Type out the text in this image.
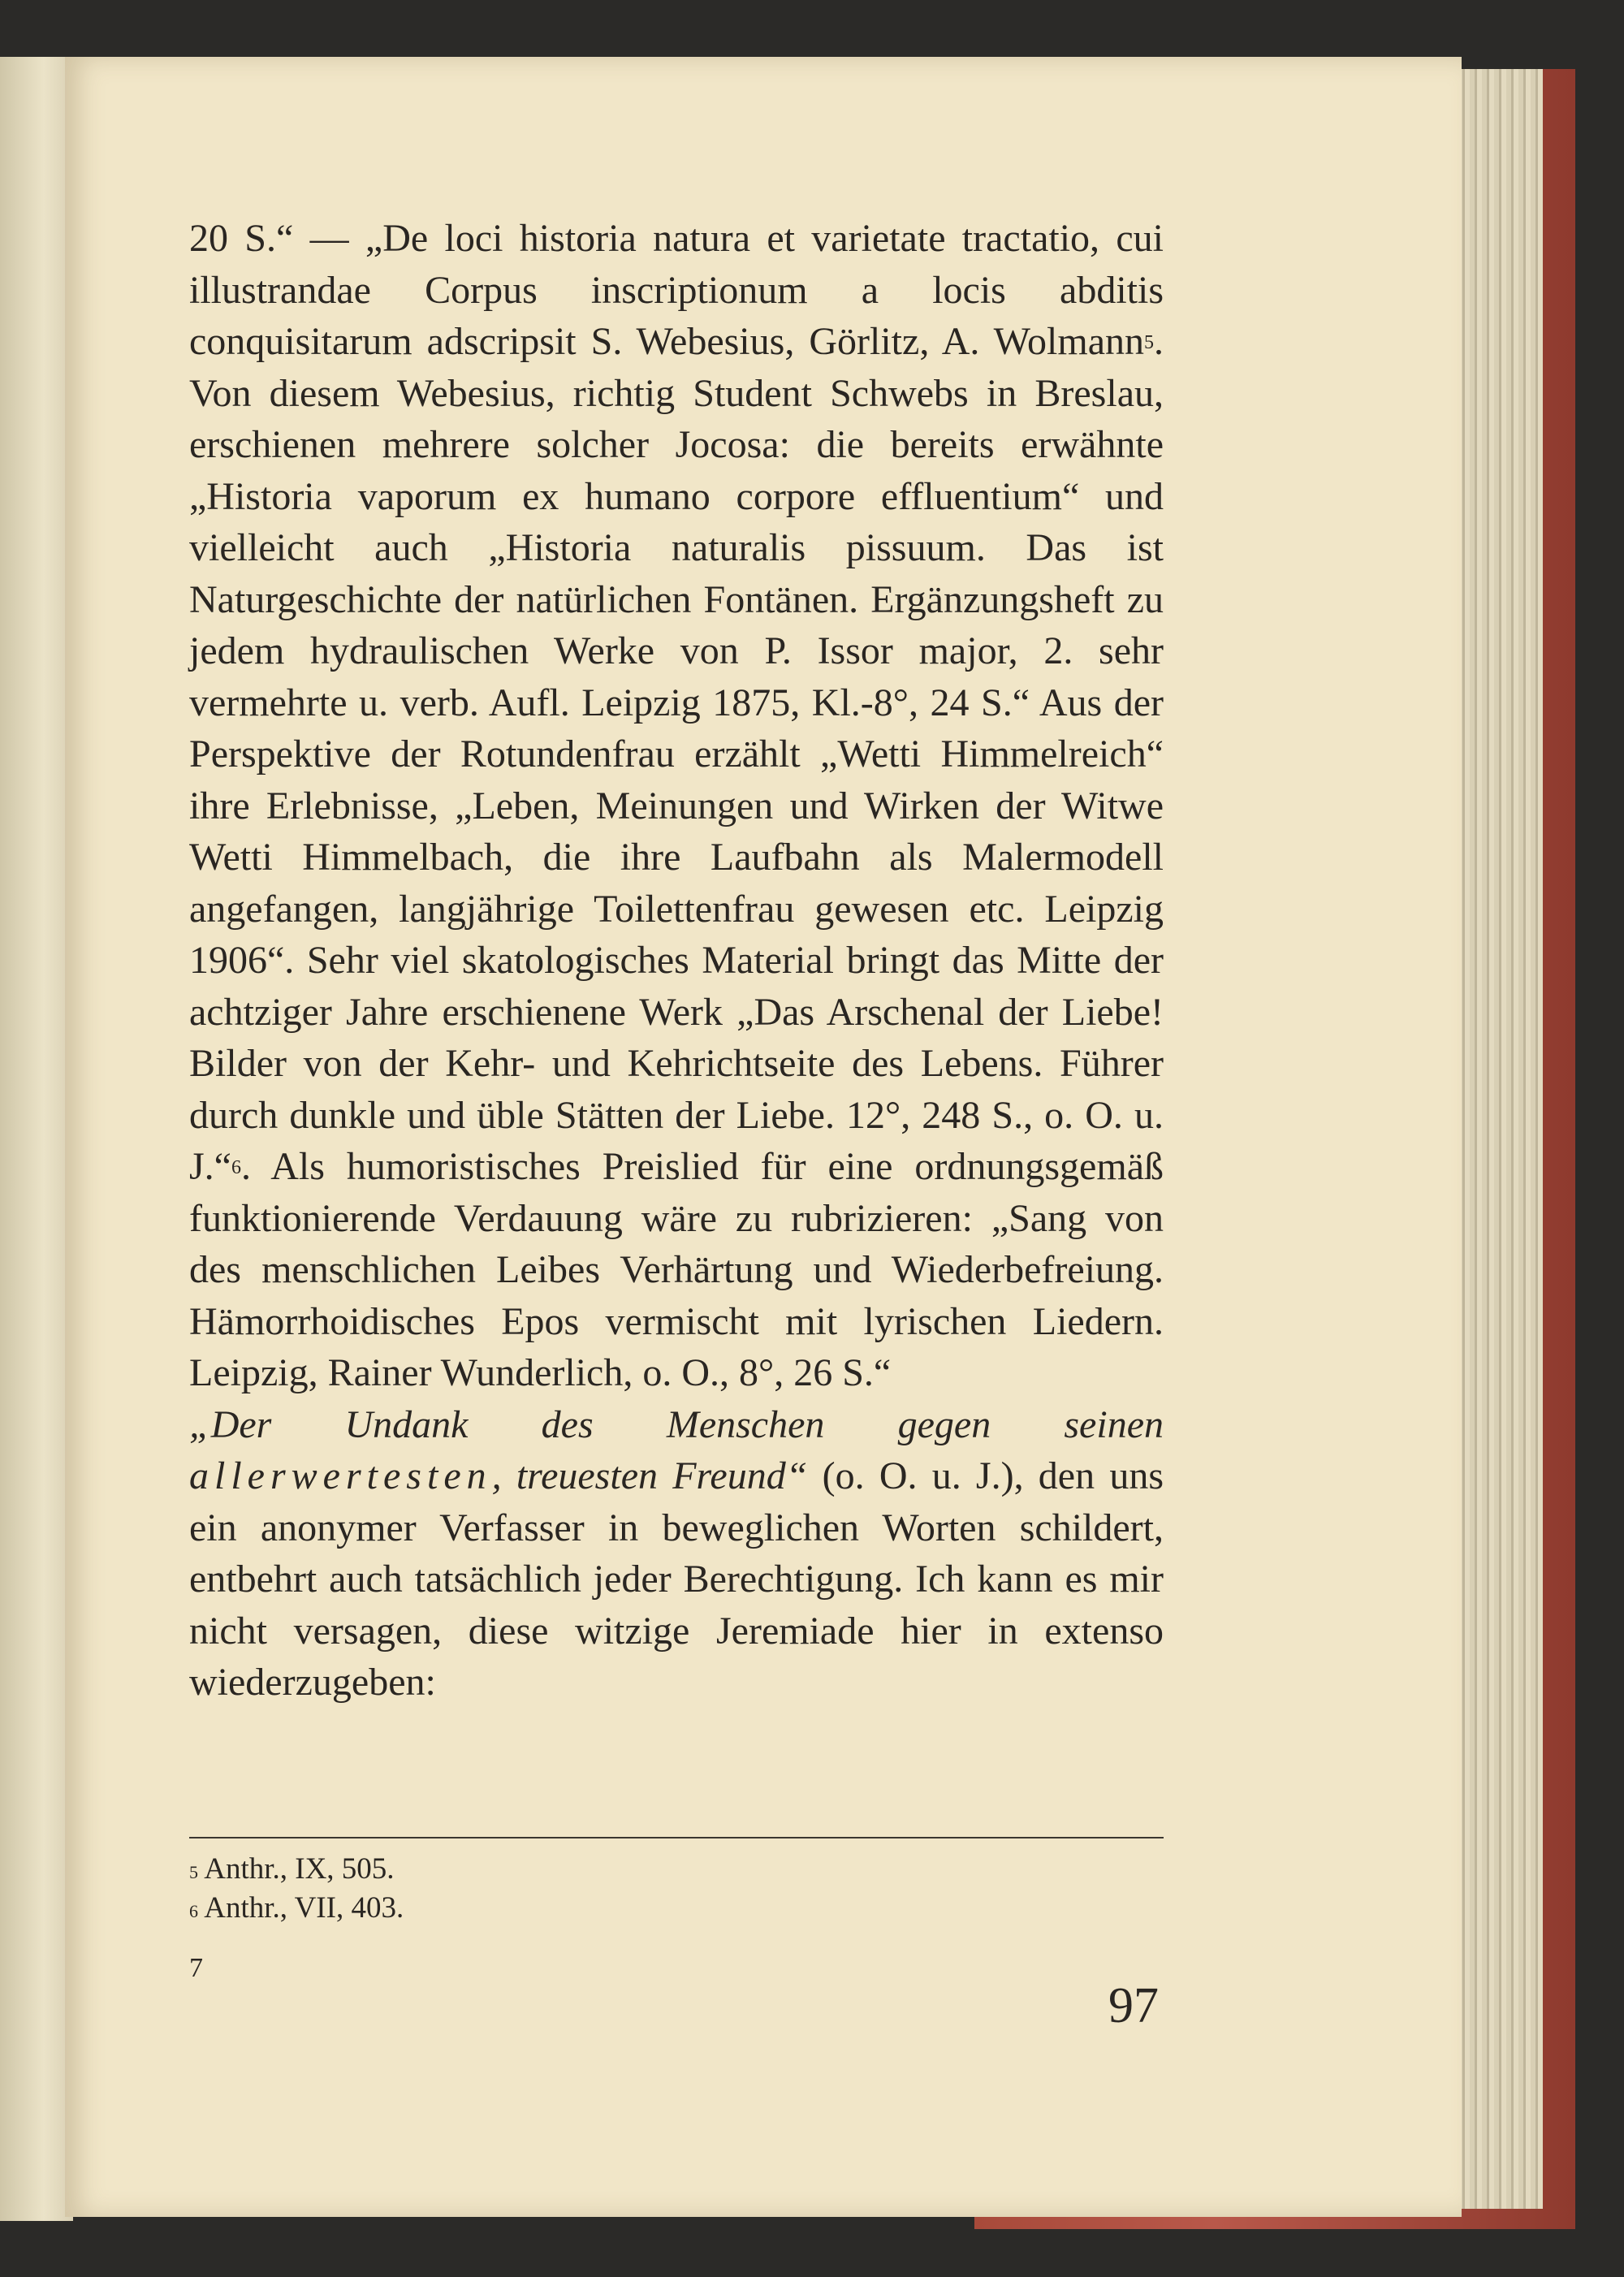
20 S.“ — „De loci historia natura et varietate tractatio, cui illustrandae Corpus inscriptionum a locis abditis conquisitarum adscripsit S. Webesius, Görlitz, A. Wolmann$^5$. Von diesem Webesius, richtig Student Schwebs in Breslau, erschienen mehrere solcher Jocosa: die bereits erwähnte „Historia vaporum ex humano corpore effluentium“ und vielleicht auch „Historia naturalis pissuum. Das ist Naturgeschichte der natürlichen Fontänen. Ergänzungsheft zu jedem hydraulischen Werke von P. Issor major, 2. sehr vermehrte u. verb. Aufl. Leipzig 1875, Kl.-8°, 24 S.“ Aus der Perspektive der Rotundenfrau erzählt „Wetti Himmelreich“ ihre Erlebnisse, „Leben, Meinungen und Wirken der Witwe Wetti Himmelbach, die ihre Laufbahn als Malermodell angefangen, langjährige Toilettenfrau gewesen etc. Leipzig 1906“. Sehr viel skatologisches Material bringt das Mitte der achtziger Jahre erschienene Werk „Das Arschenal der Liebe! Bilder von der Kehr- und Kehrichtseite des Lebens. Führer durch dunkle und üble Stätten der Liebe. 12°, 248 S., o. O. u. J.“$^6$. Als humoristisches Preislied für eine ordnungsgemäß funktionierende Verdauung wäre zu rubrizieren: „Sang von des menschlichen Leibes Verhärtung und Wiederbefreiung. Hämorrhoidisches Epos vermischt mit lyrischen Liedern. Leipzig, Rainer Wunderlich, o. O., 8°, 26 S.“

„Der Undank des Menschen gegen seinen allerwertesten, treuesten Freund“ (o. O. u. J.), den uns ein anonymer Verfasser in beweglichen Worten schildert, entbehrt auch tatsächlich jeder Berechtigung. Ich kann es mir nicht versagen, diese witzige Jeremiade hier in extenso wiederzugeben:

$^5$ Anthr., IX, 505.
$^6$ Anthr., VII, 403.
7
97
